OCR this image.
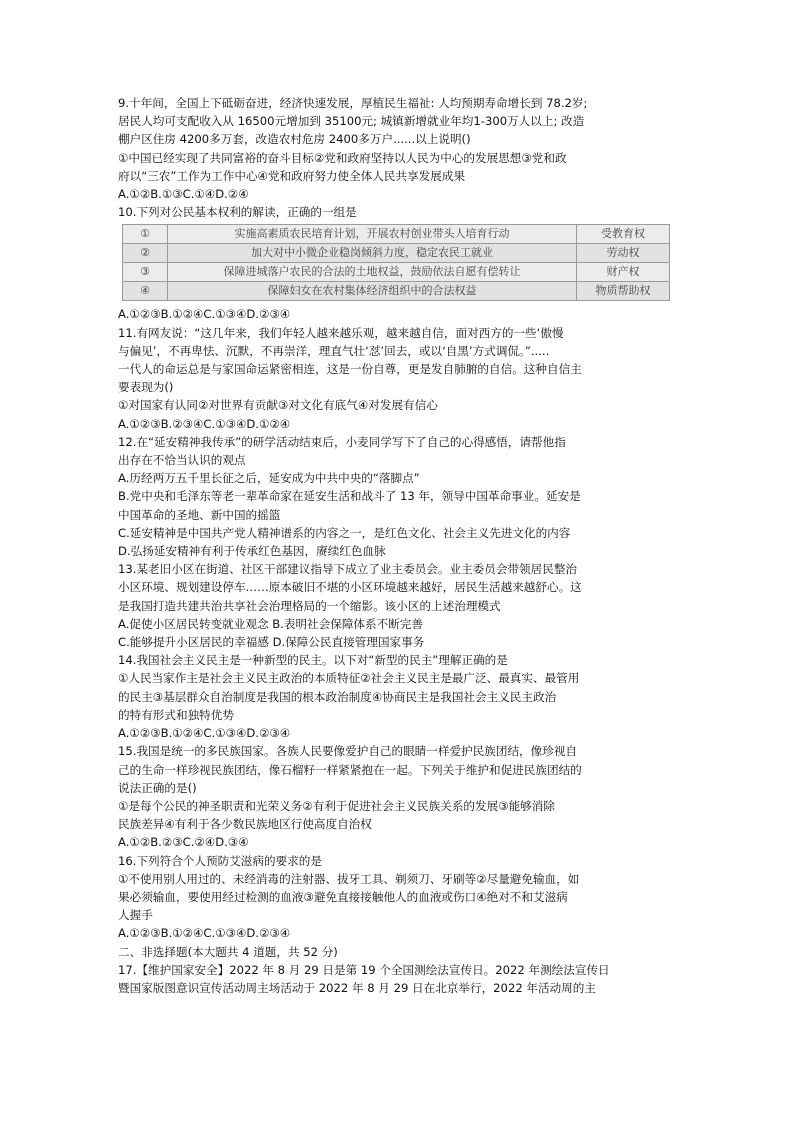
9.十年间，全国上下砥砺奋进，经济快速发展，厚植民生福祉: 人均预期寿命增长到 78.2岁;
居民人均可支配收入从 16500元增加到 35100元; 城镇新增就业年均1-300万人以上; 改造
棚户区住房 4200多万套，改造农村危房 2400多万户......以上说明()
①中国已经实现了共同富裕的奋斗目标②党和政府坚持以人民为中心的发展思想③党和政
府以“三农”工作为工作中心④党和政府努力使全体人民共享发展成果
A.①②B.①③C.①④D.②④
10.下列对公民基本权利的解读，正确的一组是
①	实施高素质农民培育计划，开展农村创业带头人培育行动	受教育权
②	加大对中小微企业稳岗倾斜力度，稳定农民工就业	劳动权
③	保障进城落户农民的合法的土地权益，鼓励依法自愿有偿转让	财产权
④	保障妇女在农村集体经济组织中的合法权益	物质帮助权
A.①②③B.①②④C.①③④D.②③④
11.有网友说：“这几年来，我们年轻人越来越乐观，越来越自信，面对西方的一些‘傲慢
与偏见’，不再卑怯、沉默，不再崇洋，理直气壮‘怼’回去，或以‘自黑’方式调侃。”.....
一代人的命运总是与家国命运紧密相连，这是一份自尊，更是发自肺腑的自信。这种自信主
要表现为()
①对国家有认同②对世界有贡献③对文化有底气④对发展有信心
A.①②③B.②③④C.①③④D.①②④
12.在“延安精神我传承”的研学活动结束后，小麦同学写下了自己的心得感悟，请帮他指
出存在不恰当认识的观点
A.历经两万五千里长征之后，延安成为中共中央的“落脚点”
B.党中央和毛泽东等老一辈革命家在延安生活和战斗了 13 年，领导中国革命事业。延安是
中国革命的圣地、新中国的摇篮
C.延安精神是中国共产党人精神谱系的内容之一，是红色文化、社会主义先进文化的内容
D.弘扬延安精神有利于传承红色基因，赓续红色血脉
13.某老旧小区在街道、社区干部建议指导下成立了业主委员会。业主委员会带领居民整治
小区环境、规划建设停车……原本破旧不堪的小区环境越来越好，居民生活越来越舒心。这
是我国打造共建共治共享社会治理格局的一个缩影。该小区的上述治理模式
A.促使小区居民转变就业观念 B.表明社会保障体系不断完善
C.能够提升小区居民的幸福感 D.保障公民直接管理国家事务
14.我国社会主义民主是一种新型的民主。以下对“新型的民主”理解正确的是
①人民当家作主是社会主义民主政治的本质特征②社会主义民主是最广泛、最真实、最管用
的民主③基层群众自治制度是我国的根本政治制度④协商民主是我国社会主义民主政治
的特有形式和独特优势
A.①②③B.①②④C.①③④D.②③④
15.我国是统一的多民族国家。各族人民要像爱护自己的眼睛一样爱护民族团结，像珍视自
己的生命一样珍视民族团结，像石榴籽一样紧紧抱在一起。下列关于维护和促进民族团结的
说法正确的是()
①是每个公民的神圣职责和光荣义务②有利于促进社会主义民族关系的发展③能够消除
民族差异④有利于各少数民族地区行使高度自治权
A.①②B.②③C.②④D.③④
16.下列符合个人预防艾滋病的要求的是
①不使用别人用过的、未经消毒的注射器、拔牙工具、剃须刀、牙刷等②尽量避免输血，如
果必须输血，要使用经过检测的血液③避免直接接触他人的血液或伤口④绝对不和艾滋病
人握手
A.①②③B.①②④C.①③④D.②③④
二、非选择题(本大题共 4 道题，共 52 分)
17.【维护国家安全】2022 年 8 月 29 日是第 19 个全国测绘法宣传日。2022 年测绘法宣传日
暨国家版图意识宣传活动周主场活动于 2022 年 8 月 29 日在北京举行，2022 年活动周的主
